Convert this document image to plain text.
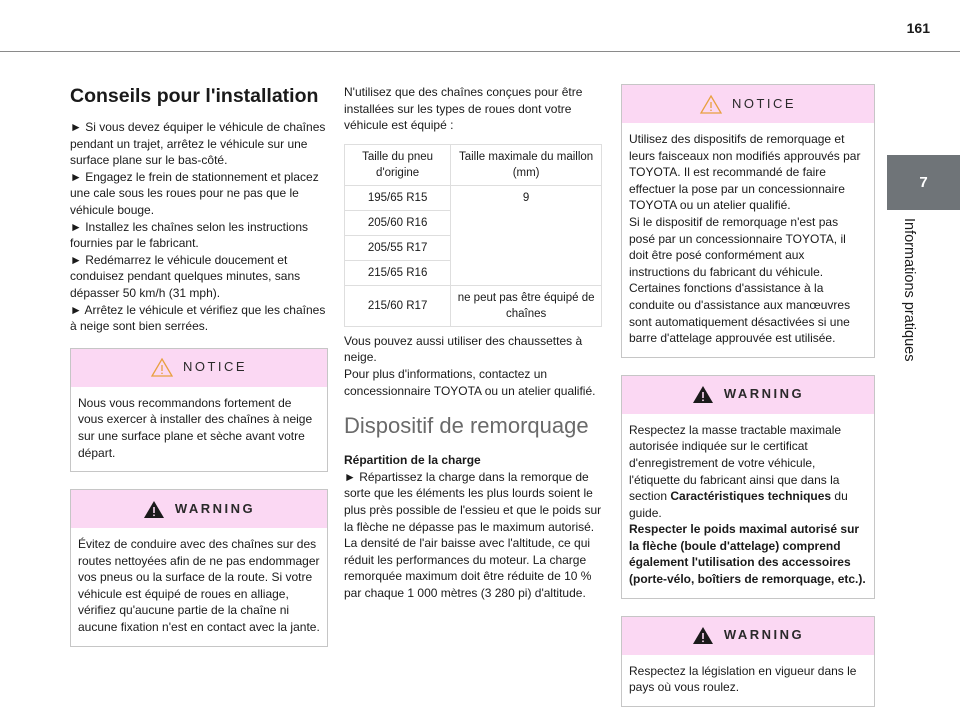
161
7
Informations pratiques
Conseils pour l'installation
► Si vous devez équiper le véhicule de chaînes pendant un trajet, arrêtez le véhicule sur une surface plane sur le bas-côté.
► Engagez le frein de stationnement et placez une cale sous les roues pour ne pas que le véhicule bouge.
► Installez les chaînes selon les instructions fournies par le fabricant.
► Redémarrez le véhicule doucement et conduisez pendant quelques minutes, sans dépasser 50 km/h (31 mph).
► Arrêtez le véhicule et vérifiez que les chaînes à neige sont bien serrées.
NOTICE
Nous vous recommandons fortement de vous exercer à installer des chaînes à neige sur une surface plane et sèche avant votre départ.
WARNING
Évitez de conduire avec des chaînes sur des routes nettoyées afin de ne pas endommager vos pneus ou la surface de la route. Si votre véhicule est équipé de roues en alliage, vérifiez qu'aucune partie de la chaîne ni aucune fixation n'est en contact avec la jante.
N'utilisez que des chaînes conçues pour être installées sur les types de roues dont votre véhicule est équipé :
Taille du pneu d'origine	Taille maximale du maillon (mm)
195/65 R15	9
205/60 R16	
205/55 R17	
215/65 R16	
215/60 R17	ne peut pas être équipé de chaînes
Vous pouvez aussi utiliser des chaussettes à neige.
Pour plus d'informations, contactez un concessionnaire TOYOTA ou un atelier qualifié.
Dispositif de remorquage
Répartition de la charge
► Répartissez la charge dans la remorque de sorte que les éléments les plus lourds soient le plus près possible de l'essieu et que le poids sur la flèche ne dépasse pas le maximum autorisé.
La densité de l'air baisse avec l'altitude, ce qui réduit les performances du moteur. La charge remorquée maximum doit être réduite de 10 % par chaque 1 000 mètres (3 280 pi) d'altitude.
NOTICE
Utilisez des dispositifs de remorquage et leurs faisceaux non modifiés approuvés par TOYOTA. Il est recommandé de faire effectuer la pose par un concessionnaire TOYOTA ou un atelier qualifié.
Si le dispositif de remorquage n'est pas posé par un concessionnaire TOYOTA, il doit être posé conformément aux instructions du fabricant du véhicule.
Certaines fonctions d'assistance à la conduite ou d'assistance aux manœuvres sont automatiquement désactivées si une barre d'attelage approuvée est utilisée.
WARNING
Respectez la masse tractable maximale autorisée indiquée sur le certificat d'enregistrement de votre véhicule, l'étiquette du fabricant ainsi que dans la section Caractéristiques techniques du guide.
Respecter le poids maximal autorisé sur la flèche (boule d'attelage) comprend également l'utilisation des accessoires (porte-vélo, boîtiers de remorquage, etc.).
WARNING
Respectez la législation en vigueur dans le pays où vous roulez.
